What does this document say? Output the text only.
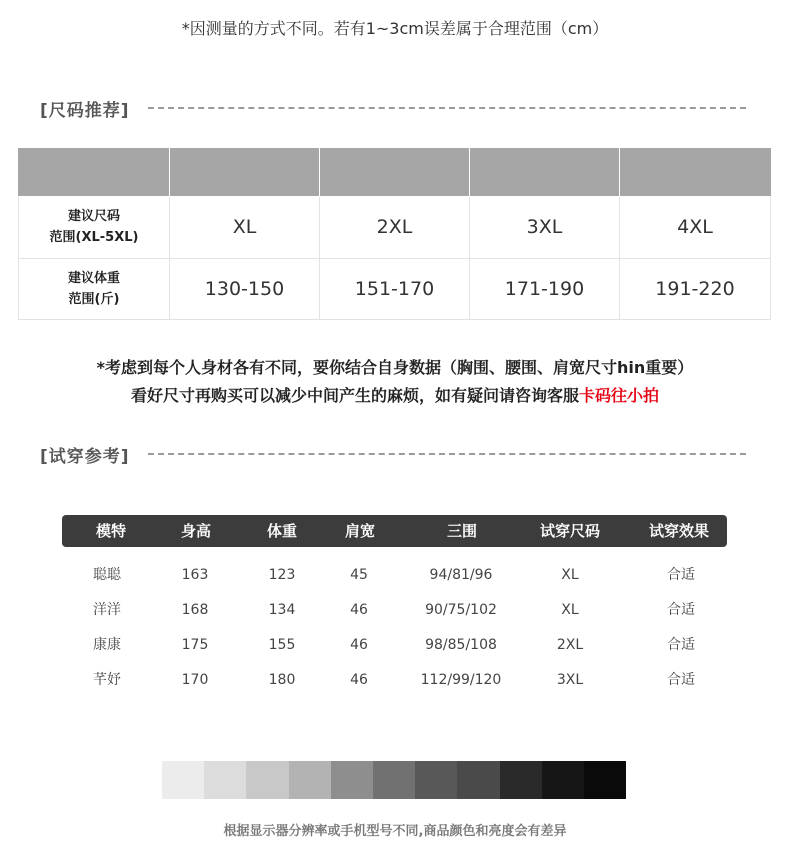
*因测量的方式不同。若有1~3cm误差属于合理范围（cm）
[尺码推荐]

建议尺码
范围(XL-5XL)	XL	2XL	3XL	4XL

建议体重
范围(斤)	130-150	151-170	171-190	191-220
*考虑到每个人身材各有不同，要你结合自身数据（胸围、腰围、肩宽尺寸hin重要）
看好尺寸再购买可以减少中间产生的麻烦，如有疑问请咨询客服卡码往小拍
[试穿参考]
模特	身高	体重	肩宽	三围	试穿尺码	试穿效果
聪聪	163	123	45	94/81/96	XL	合适
洋洋	168	134	46	90/75/102	XL	合适
康康	175	155	46	98/85/108	2XL	合适
芊妤	170	180	46	112/99/120	3XL	合适
根据显示器分辨率或手机型号不同,商品颜色和亮度会有差异
